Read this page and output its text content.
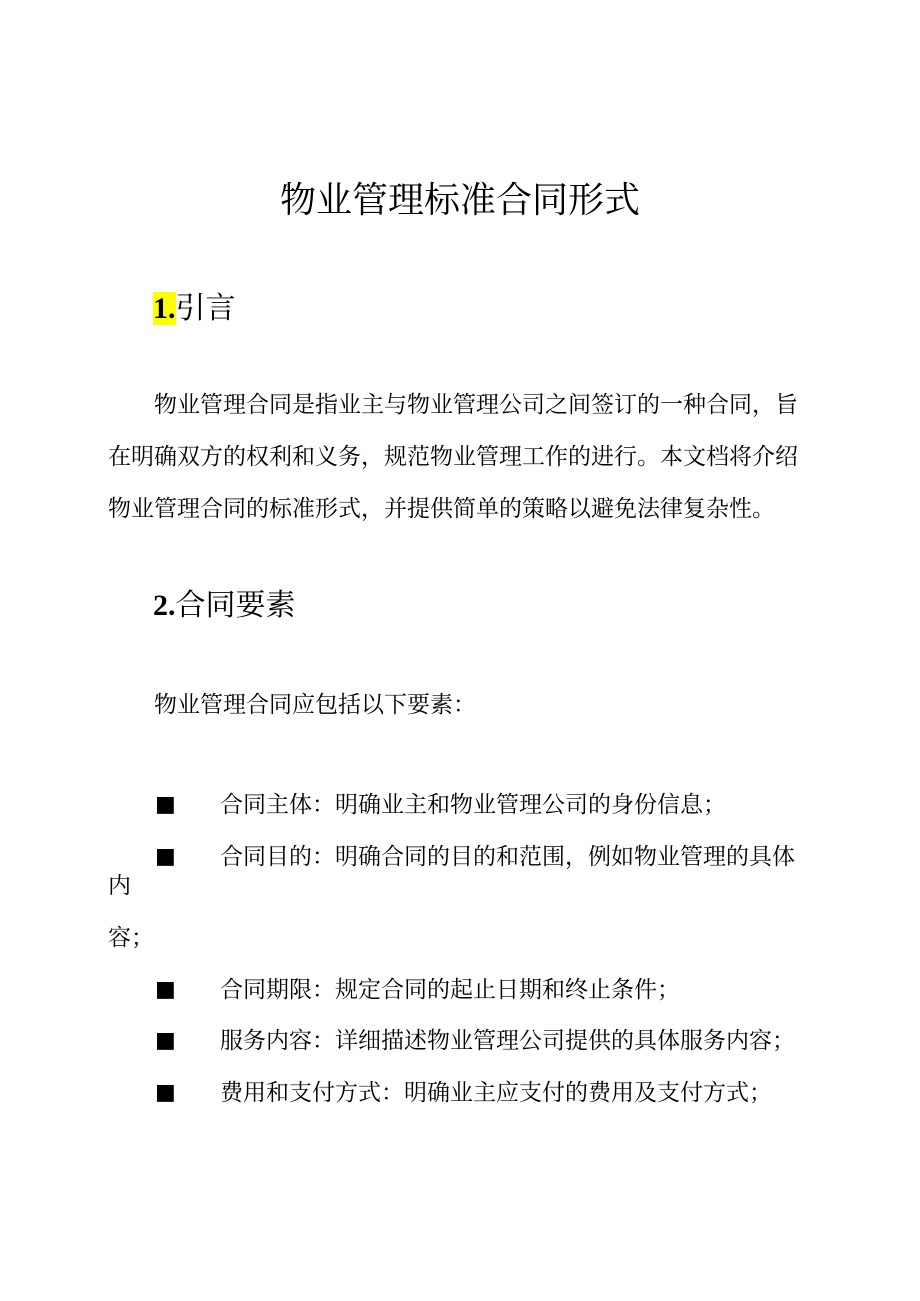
物业管理标准合同形式
1.引言
物业管理合同是指业主与物业管理公司之间签订的一种合同，旨
在明确双方的权利和义务，规范物业管理工作的进行。本文档将介绍
物业管理合同的标准形式，并提供简单的策略以避免法律复杂性。
2.合同要素
物业管理合同应包括以下要素：
■ 合同主体：明确业主和物业管理公司的身份信息；
■ 合同目的：明确合同的目的和范围，例如物业管理的具体
内
容；
■ 合同期限：规定合同的起止日期和终止条件；
■ 服务内容：详细描述物业管理公司提供的具体服务内容；
■ 费用和支付方式：明确业主应支付的费用及支付方式；
